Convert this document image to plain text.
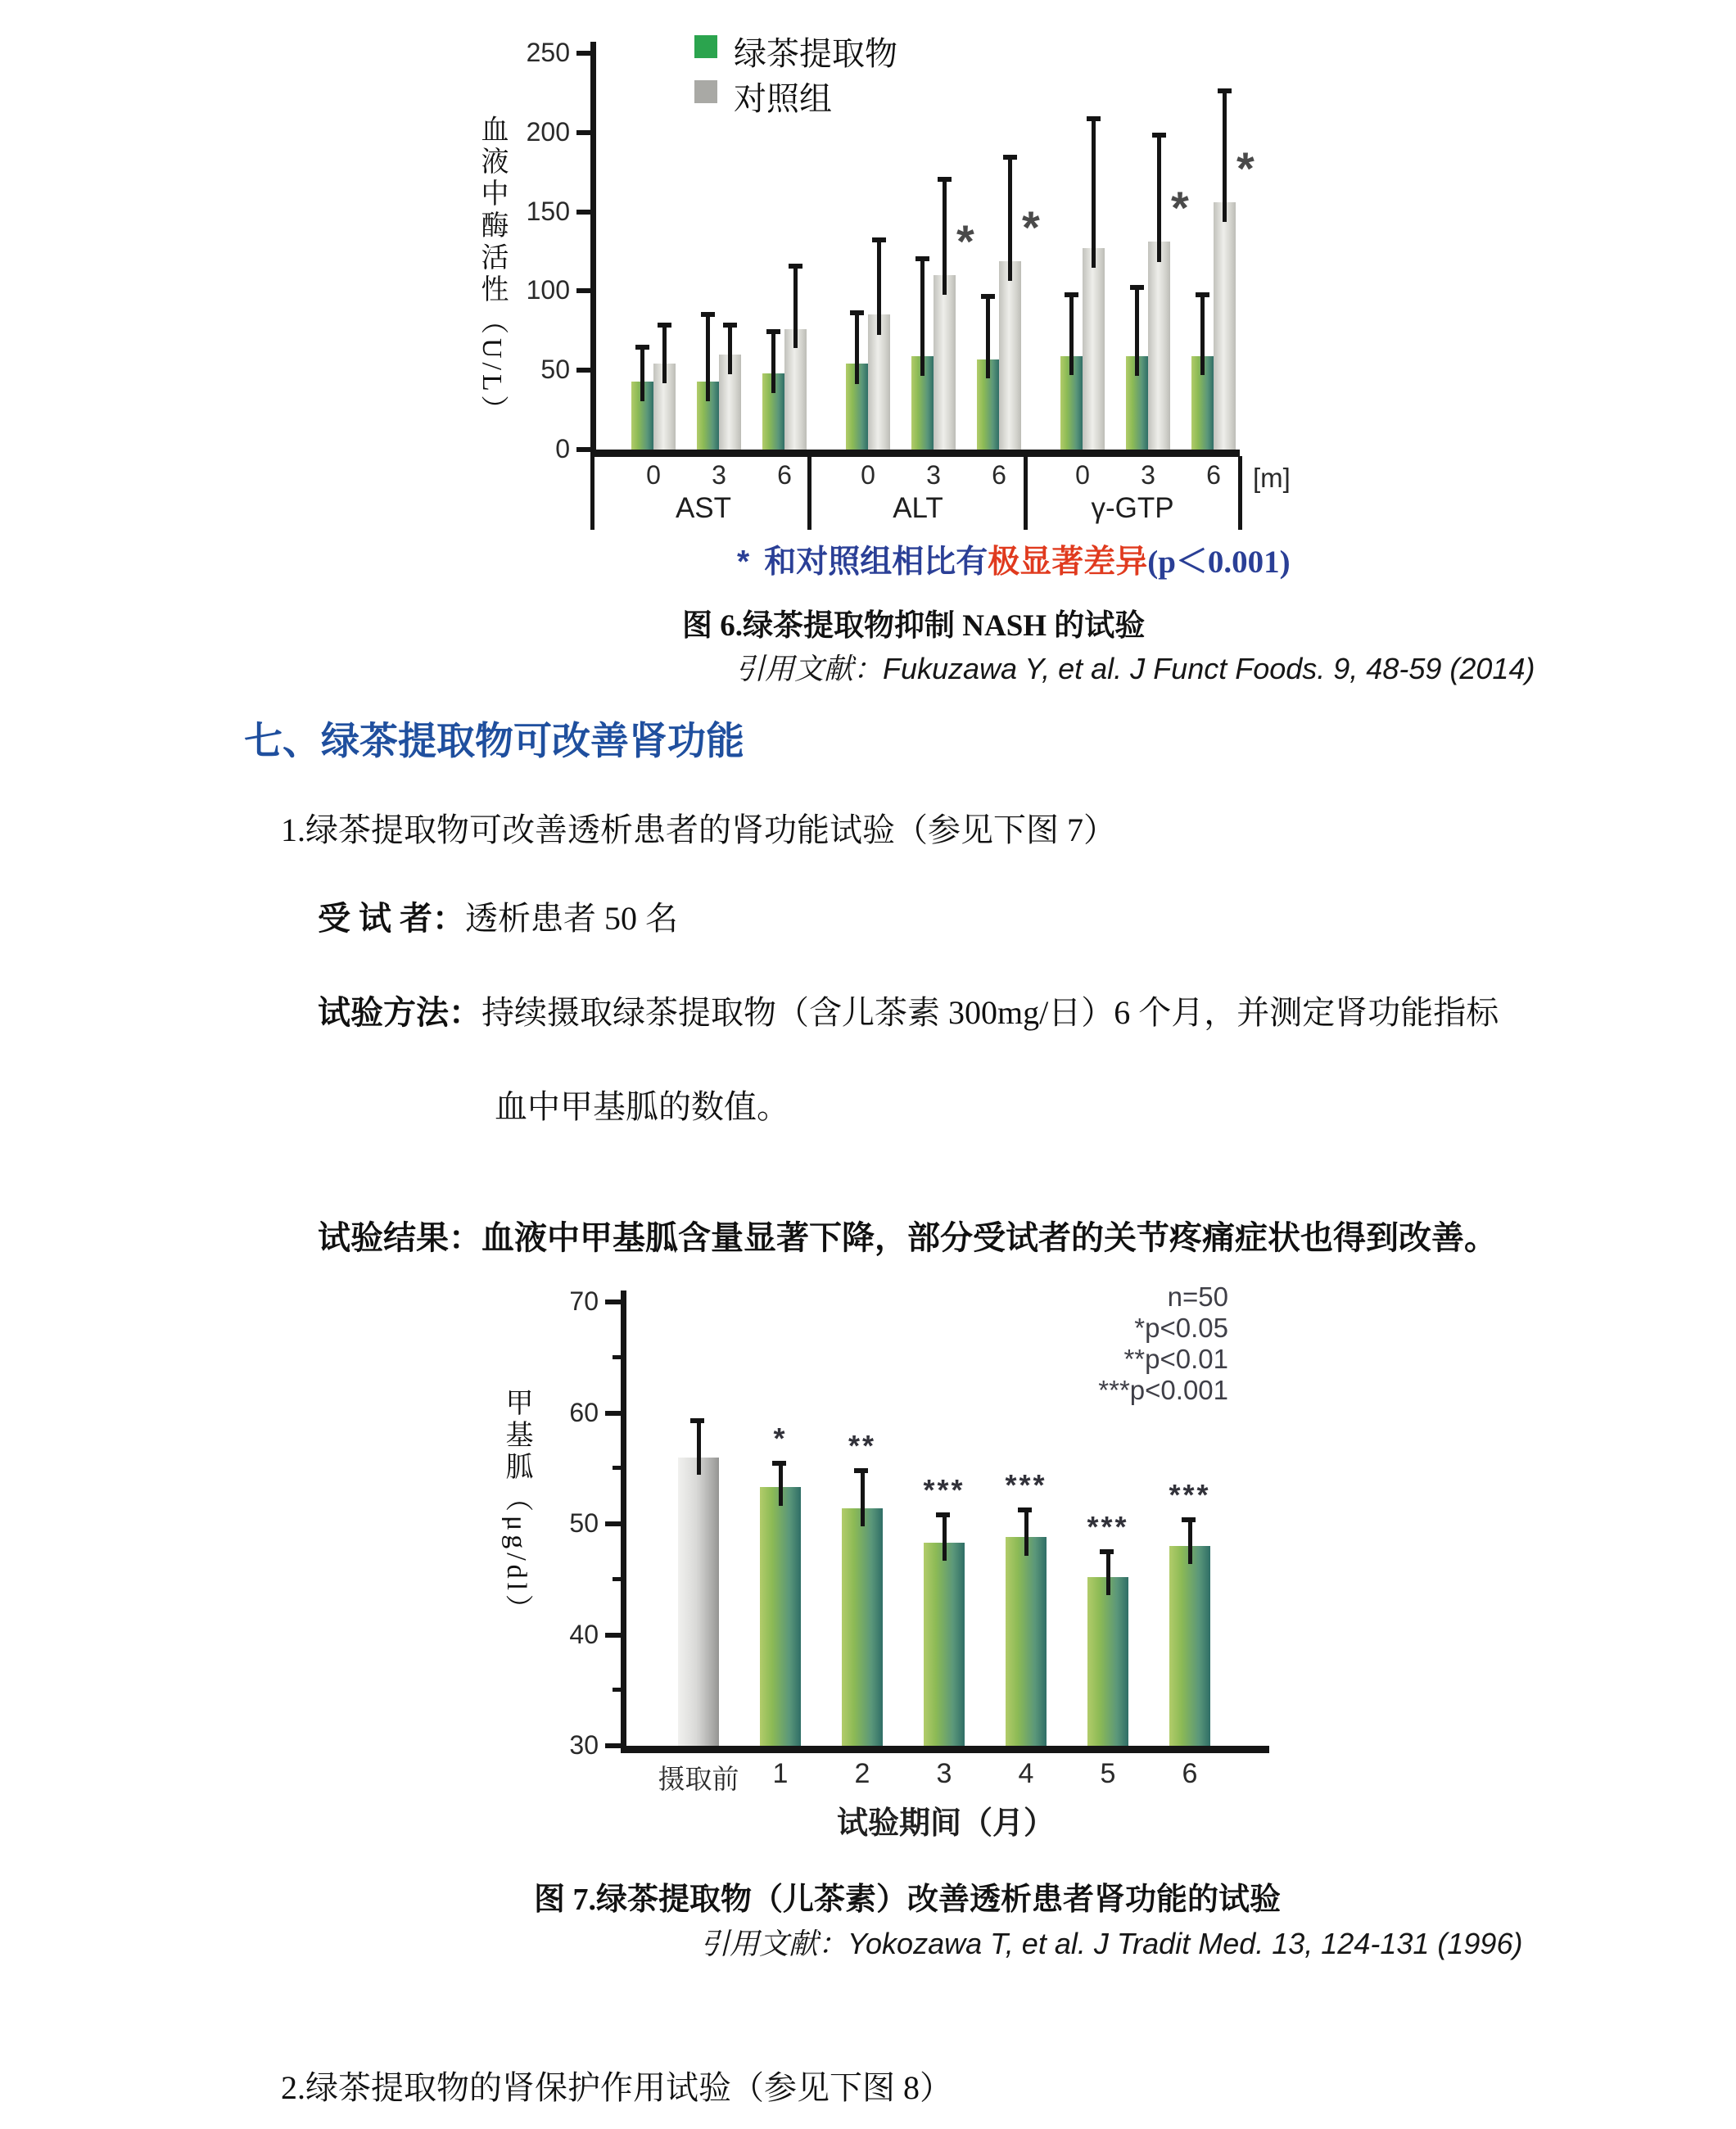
0
50
100
150
200
250
AST
0	3	6
ALT
0	3
*
6
*
γ-GTP
0	3
*
6
*
[m]
绿茶提取物
对照组
血液中酶活性（U/L）
* 和对照组相比有极显著差异(p＜0.001)
图 6.绿茶提取物抑制 NASH 的试验
引用文献：Fukuzawa Y, et al. J Funct Foods. 9, 48-59 (2014)
七、绿茶提取物可改善肾功能
1.绿茶提取物可改善透析患者的肾功能试验（参见下图 7）
受 试 者：透析患者 50 名
试验方法：持续摄取绿茶提取物（含儿茶素 300mg/日）6 个月，并测定肾功能指标
血中甲基胍的数值。
试验结果：血液中甲基胍含量显著下降，部分受试者的关节疼痛症状也得到改善。
30
40
50
60
70
摄取前
*
1
**
2
***
3
***
4
***
5
***
6
n=50
*p<0.05
**p<0.01
***p<0.001
试验期间（月）
甲基胍（μg/dl）
图 7.绿茶提取物（儿茶素）改善透析患者肾功能的试验
引用文献：Yokozawa T, et al. J Tradit Med. 13, 124-131 (1996)
2.绿茶提取物的肾保护作用试验（参见下图 8）
